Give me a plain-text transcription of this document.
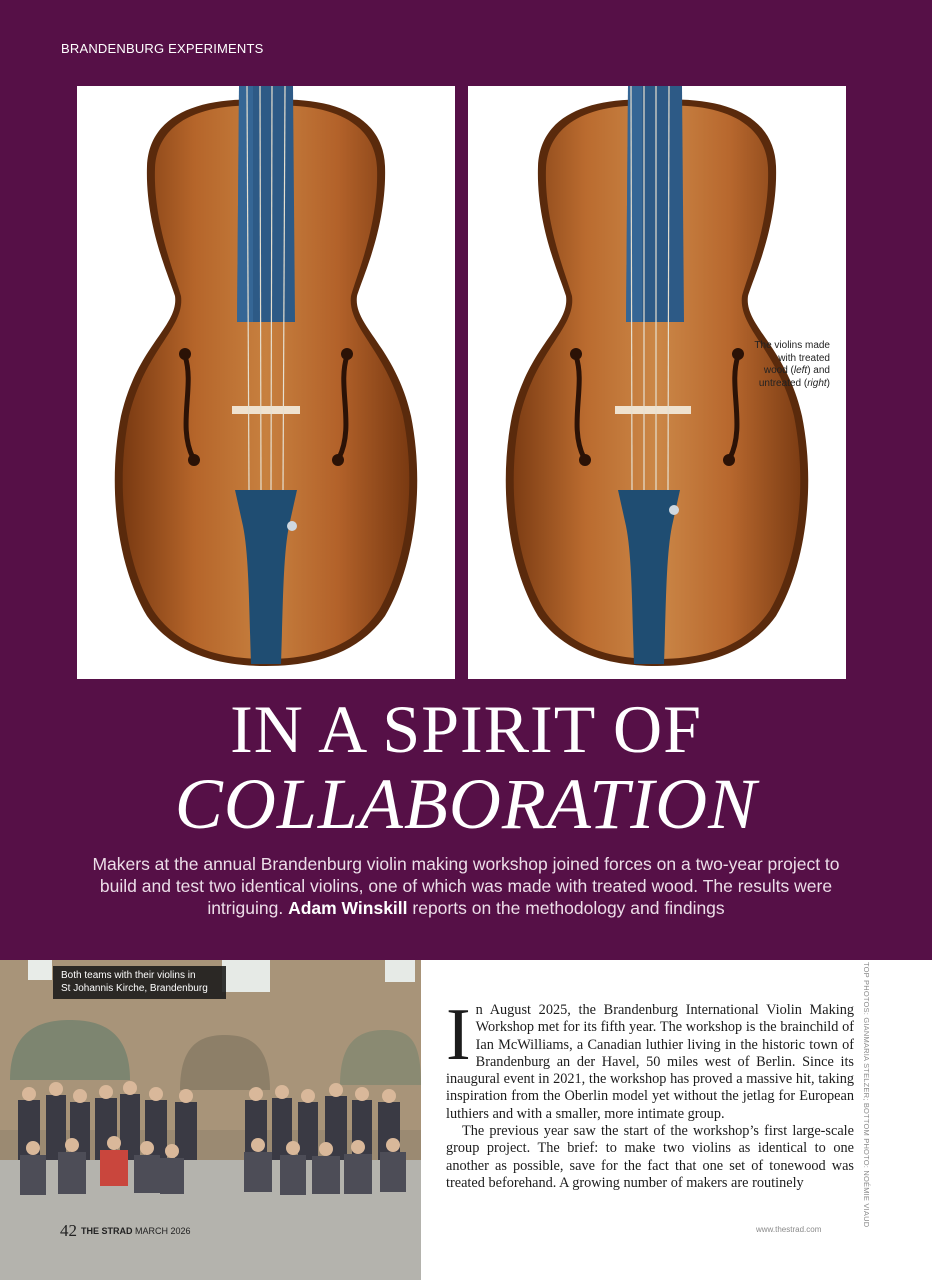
BRANDENBURG EXPERIMENTS
The violins made
with treated
wood (left) and
untreated (right)
IN A SPIRIT OF
COLLABORATION
Makers at the annual Brandenburg violin making workshop joined forces on a two-year project to build and test two identical violins, one of which was made with treated wood. The results were intriguing. Adam Winskill reports on the methodology and findings
Both teams with their violins in
St Johannis Kirche, Brandenburg
42 THE STRAD MARCH 2026
TOP PHOTOS: GIANMARIA STELZER; BOTTOM PHOTO: NOÉMIE VIAUD

In August 2025, the Brandenburg International Violin Making Workshop met for its fifth year. The workshop is the brainchild of Ian McWilliams, a Canadian luthier living in the historic town of Brandenburg an der Havel, 50 miles west of Berlin. Since its inaugural event in 2021, the workshop has proved a massive hit, taking inspiration from the Oberlin model yet without the jetlag for European luthiers and with a smaller, more intimate group.

The previous year saw the start of the workshop’s first large-scale group project. The brief: to make two violins as identical to one another as possible, save for the fact that one set of tonewood was treated beforehand. A growing number of makers are routinely

www.thestrad.com
